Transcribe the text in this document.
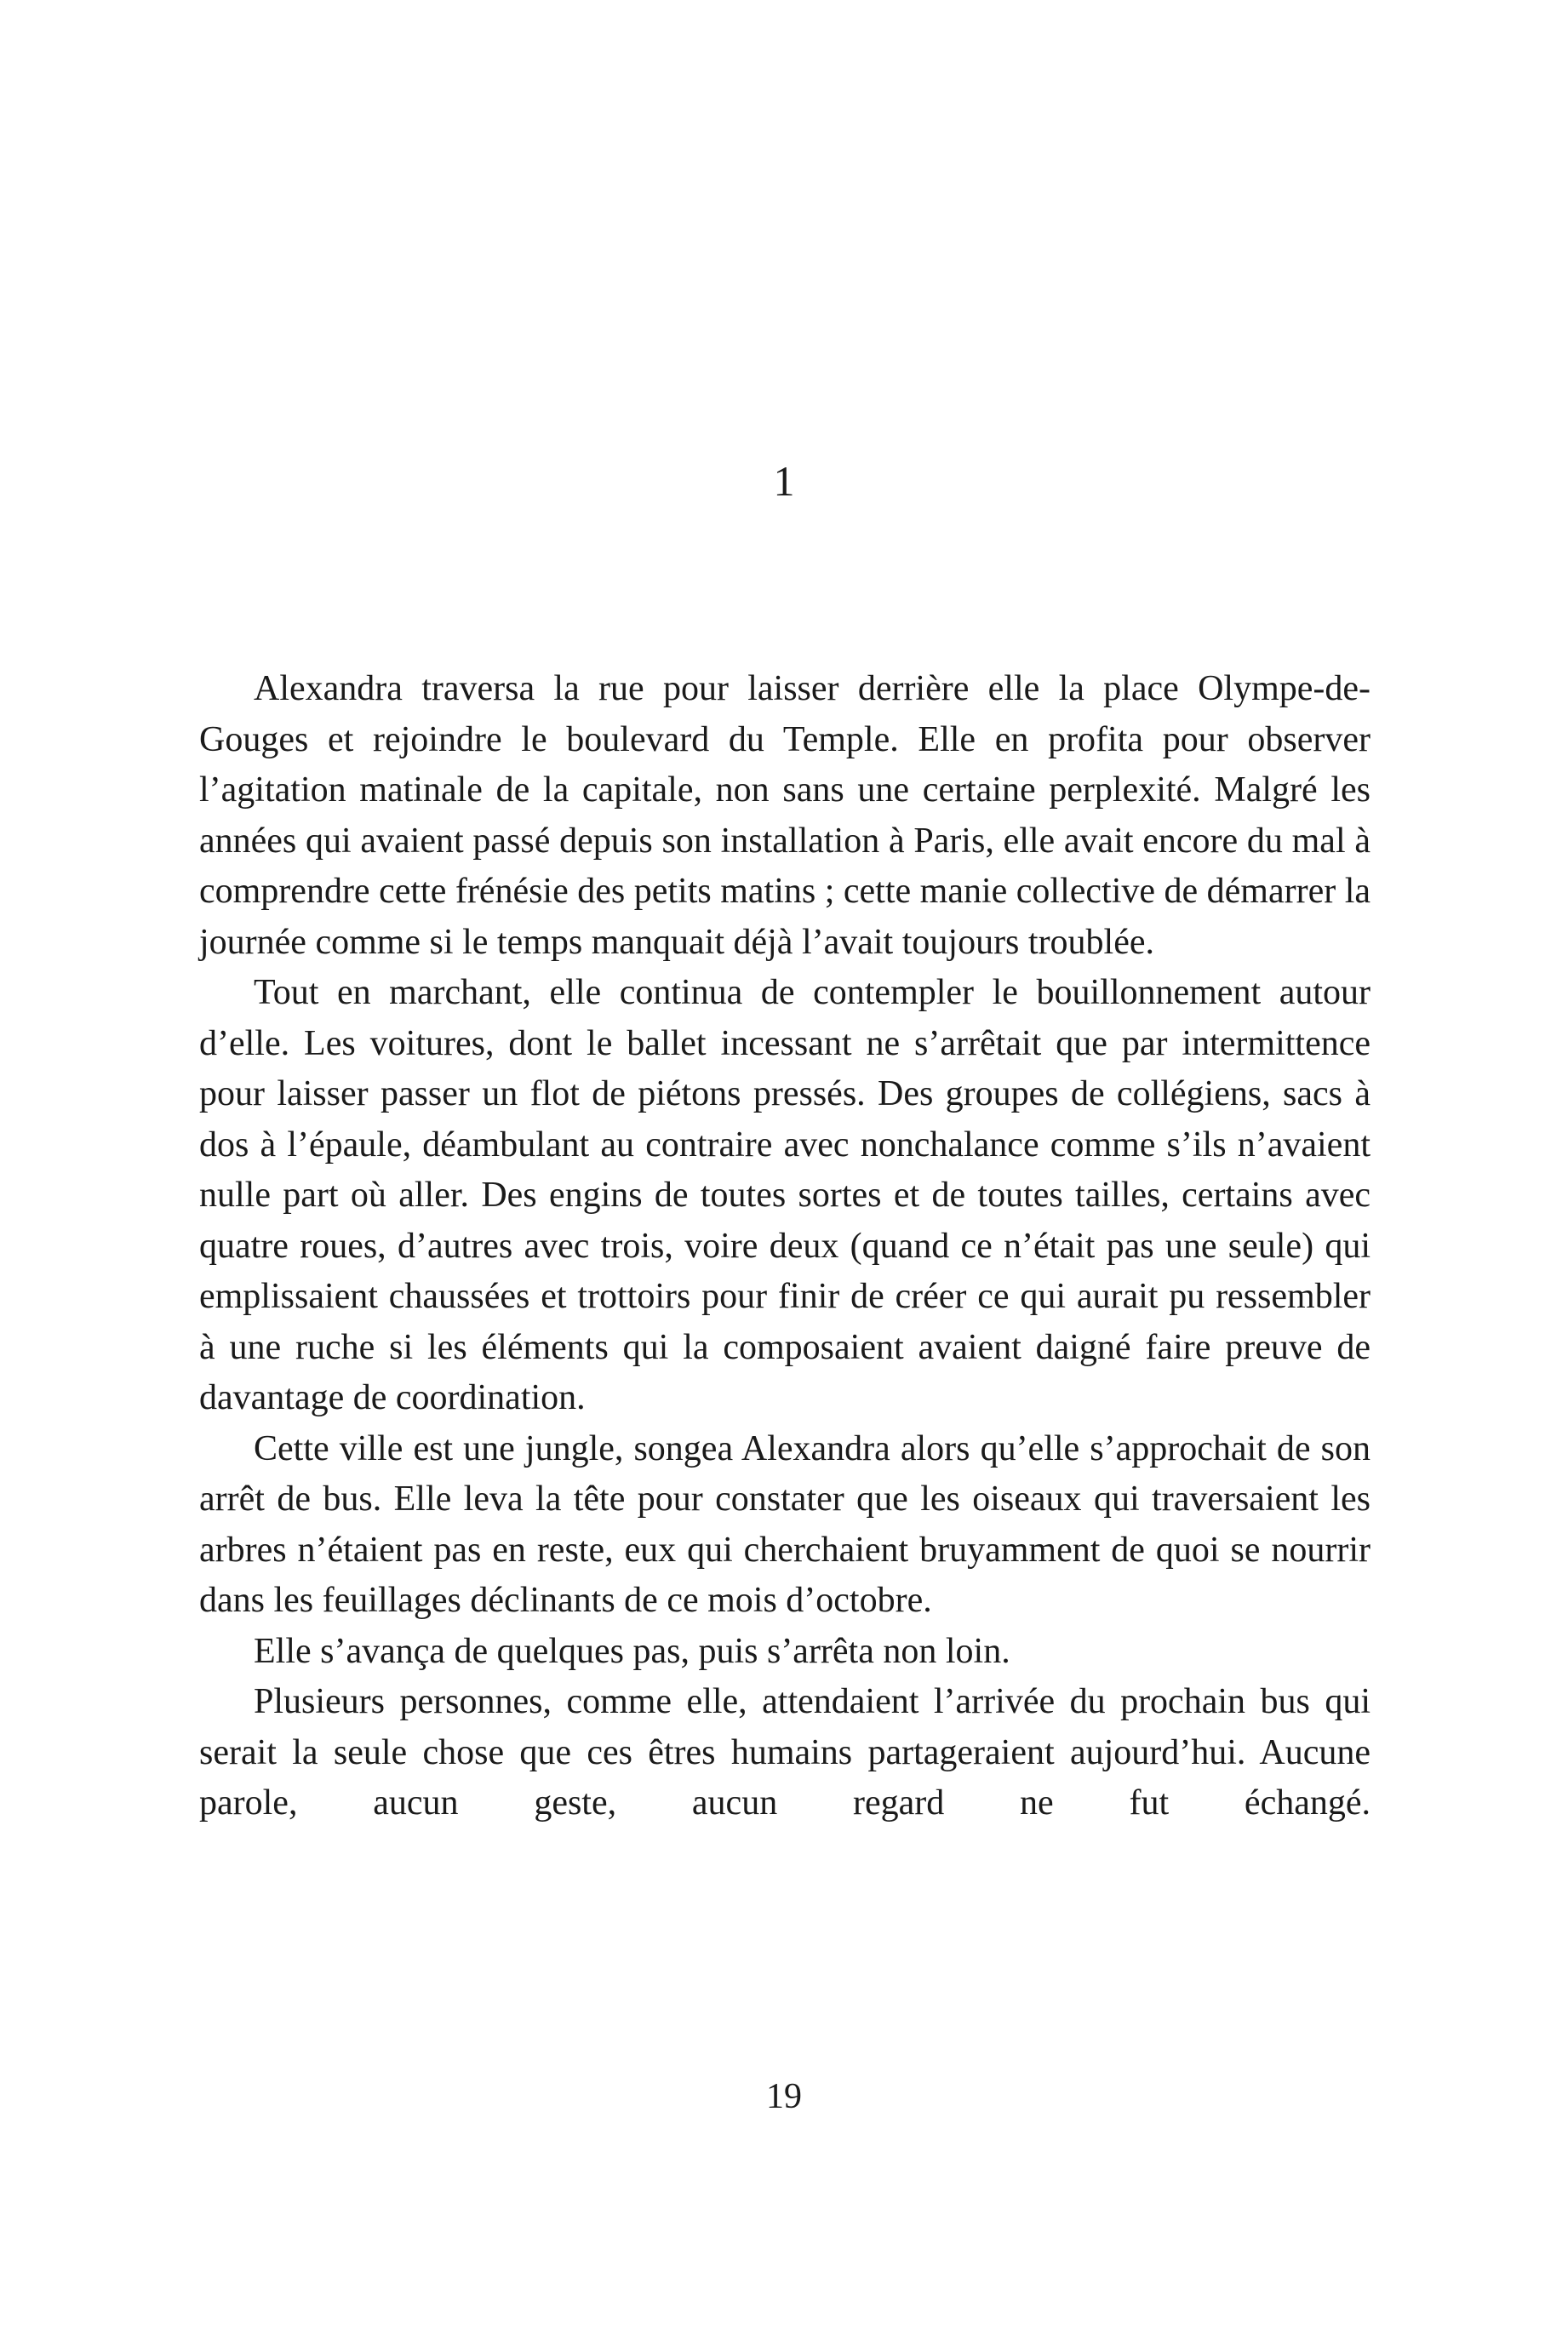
1

Alexandra traversa la rue pour laisser derrière elle la place Olympe-de-Gouges et rejoindre le boulevard du Temple. Elle en profita pour observer l’agitation matinale de la capitale, non sans une certaine perplexité. Malgré les années qui avaient passé depuis son installation à Paris, elle avait encore du mal à comprendre cette frénésie des petits matins ; cette manie collective de démarrer la journée comme si le temps manquait déjà l’avait toujours troublée.

Tout en marchant, elle continua de contempler le bouillonnement autour d’elle. Les voitures, dont le ballet incessant ne s’arrêtait que par intermittence pour laisser passer un flot de piétons pressés. Des groupes de collégiens, sacs à dos à l’épaule, déambulant au contraire avec nonchalance comme s’ils n’avaient nulle part où aller. Des engins de toutes sortes et de toutes tailles, certains avec quatre roues, d’autres avec trois, voire deux (quand ce n’était pas une seule) qui emplissaient chaussées et trottoirs pour finir de créer ce qui aurait pu ressembler à une ruche si les éléments qui la composaient avaient daigné faire preuve de davantage de coordination.

Cette ville est une jungle, songea Alexandra alors qu’elle s’approchait de son arrêt de bus. Elle leva la tête pour constater que les oiseaux qui traversaient les arbres n’étaient pas en reste, eux qui cherchaient bruyamment de quoi se nourrir dans les feuillages déclinants de ce mois d’octobre.

Elle s’avança de quelques pas, puis s’arrêta non loin.

Plusieurs personnes, comme elle, attendaient l’arrivée du prochain bus qui serait la seule chose que ces êtres humains partageraient aujourd’hui. Aucune parole, aucun geste, aucun regard ne fut échangé.

19
